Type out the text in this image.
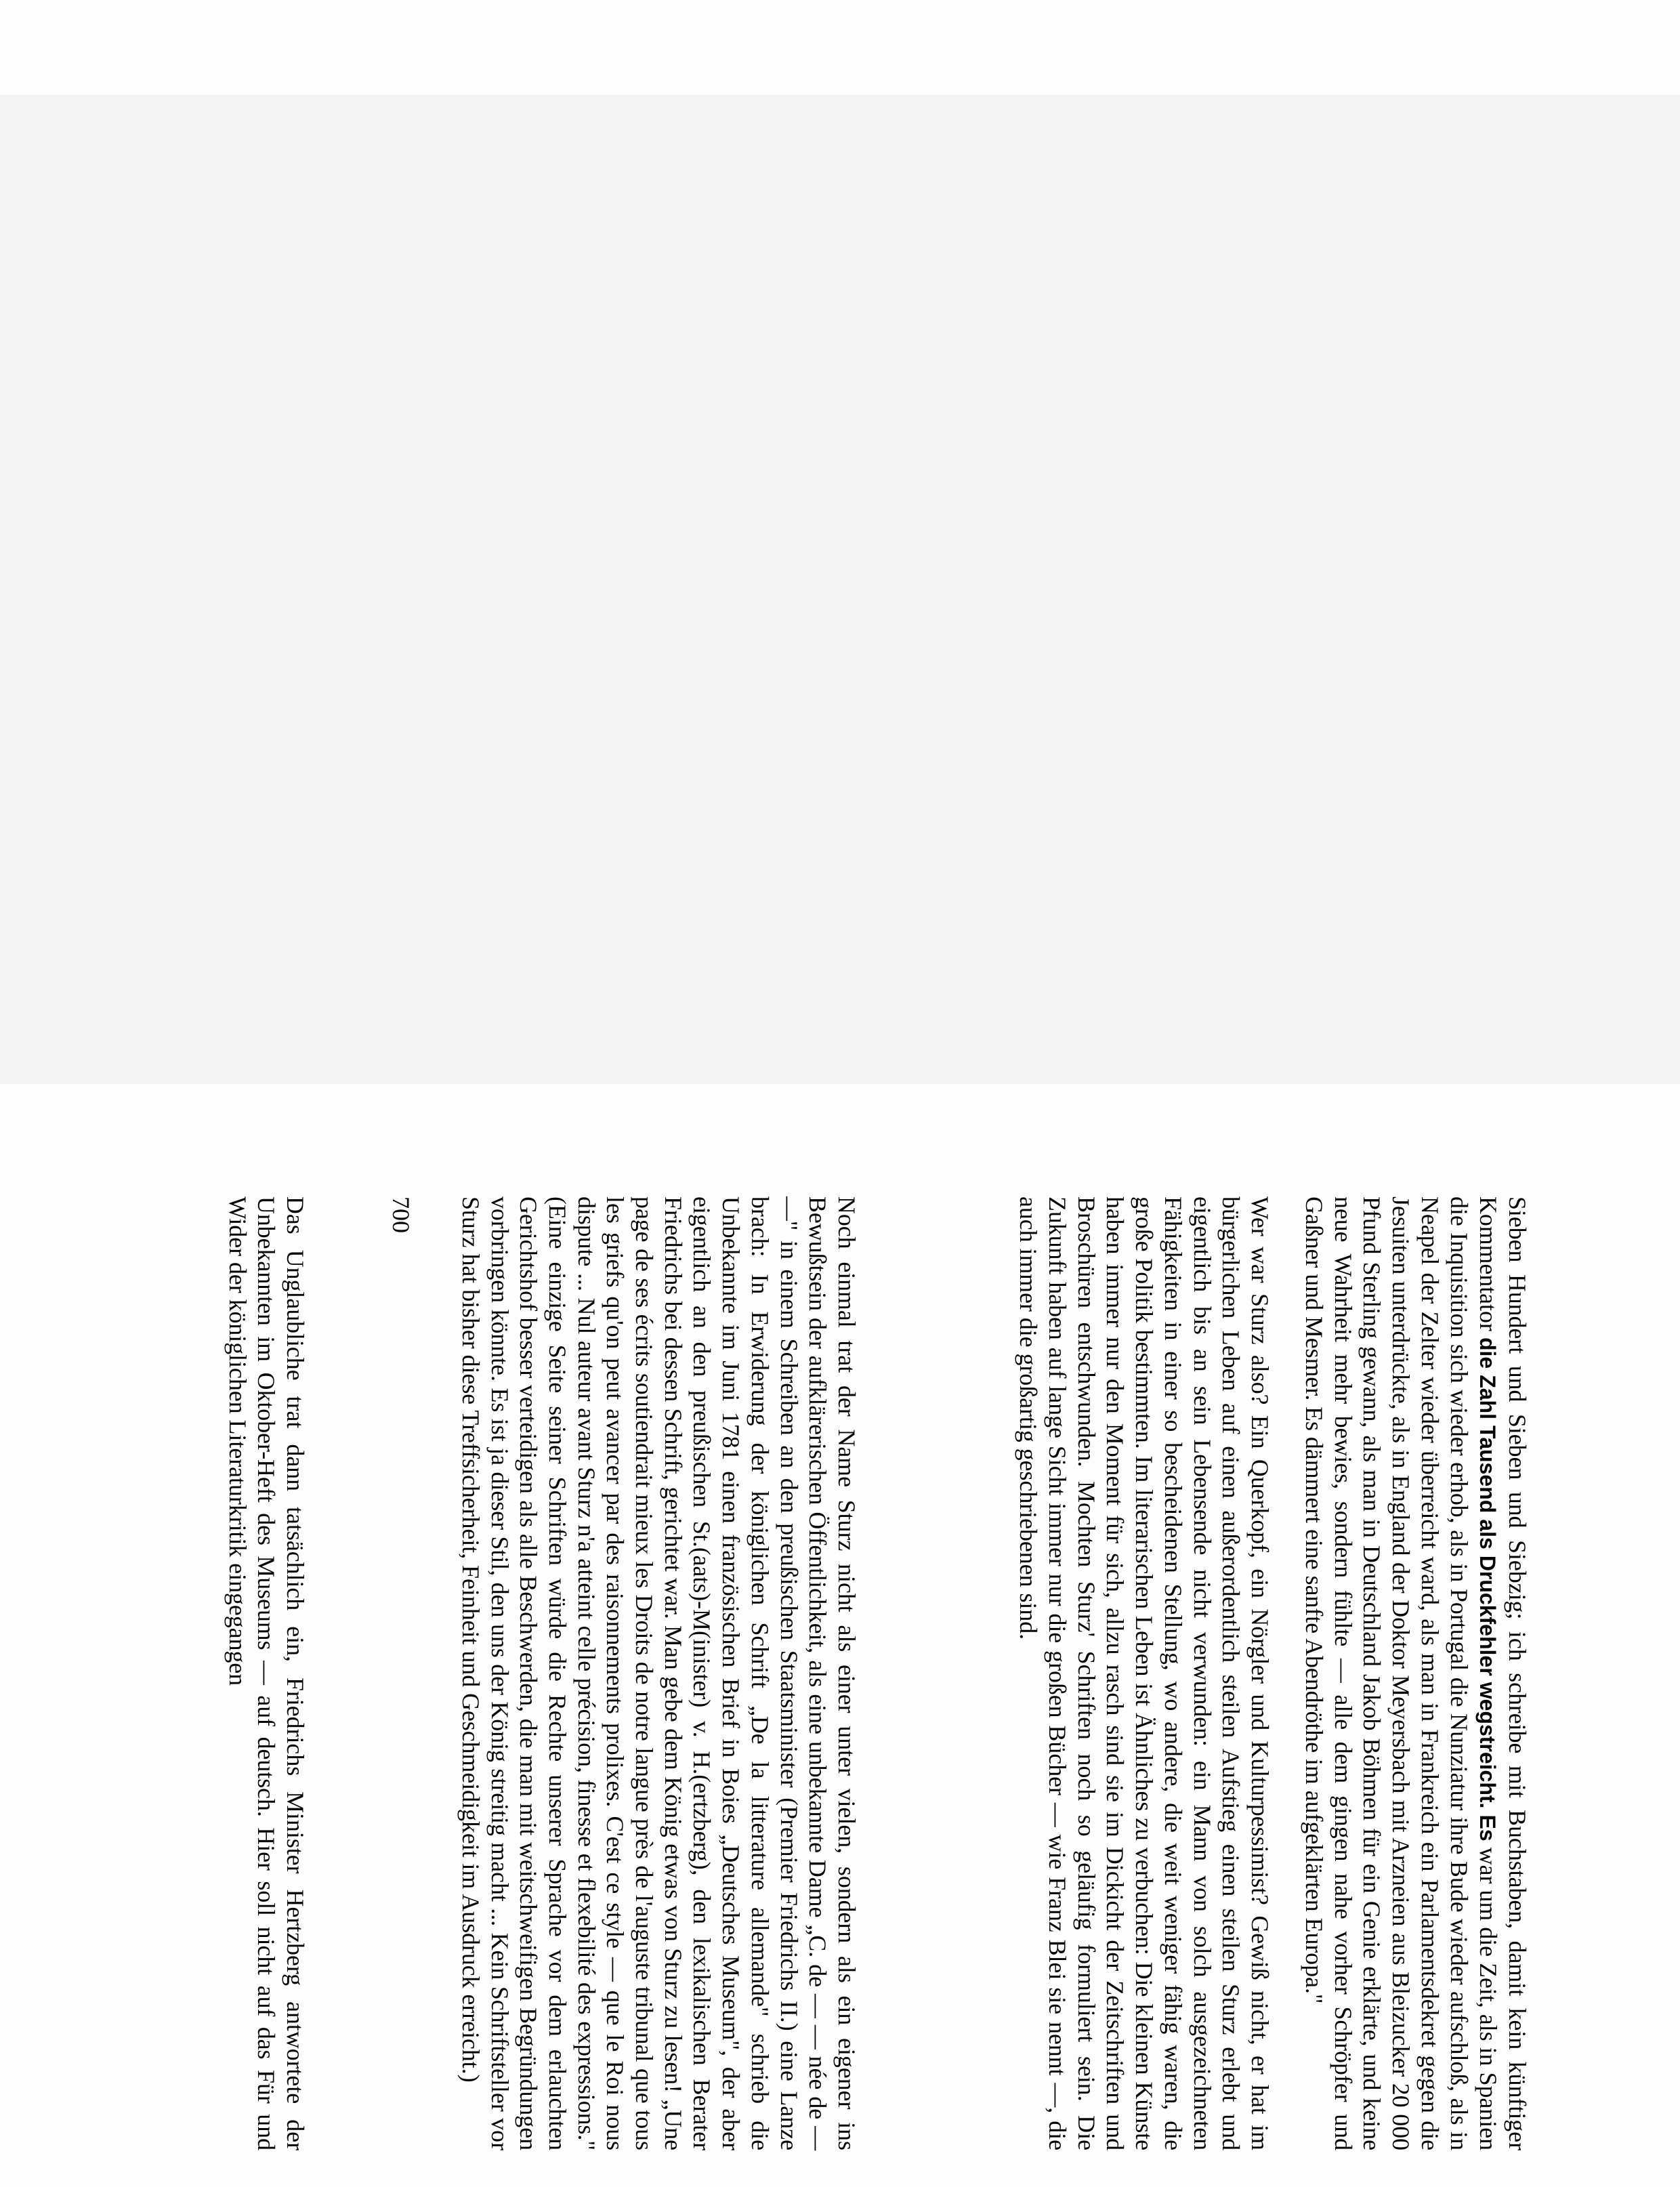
Sieben Hundert und Sieben und Siebzig; ich schreibe mit Buchstaben, damit kein künftiger Kommentator die Zahl Tausend als Druckfehler wegstreicht. Es war um die Zeit, als in Spanien die Inquisition sich wieder erhob, als in Portugal die Nunziatur ihre Bude wieder aufschloß, als in Neapel der Zelter wieder überreicht ward, als man in Frankreich ein Parlamentsdekret gegen die Jesuiten unterdrückte, als in England der Doktor Meyersbach mit Arzneien aus Bleizucker 20 000 Pfund Sterling gewann, als man in Deutschland Jakob Böhmen für ein Genie erklärte, und keine neue Wahrheit mehr bewies, sondern fühlte — alle dem gingen nahe vorher Schröpfer und Gaßner und Mesmer. Es dämmert eine sanfte Abendröthe im aufgeklärten Europa."

Wer war Sturz also? Ein Querkopf, ein Nörgler und Kulturpessimist? Gewiß nicht, er hat im bürgerlichen Leben auf einen außerordentlich steilen Aufstieg einen steilen Sturz erlebt und eigentlich bis an sein Lebensende nicht verwunden: ein Mann von solch ausgezeichneten Fähigkeiten in einer so bescheidenen Stellung, wo andere, die weit weniger fähig waren, die große Politik bestimmten. Im literarischen Leben ist Ähnliches zu verbuchen: Die kleinen Künste haben immer nur den Moment für sich, allzu rasch sind sie im Dickicht der Zeitschriften und Broschüren entschwunden. Mochten Sturz' Schriften noch so geläufig formuliert sein. Die Zukunft haben auf lange Sicht immer nur die großen Bücher — wie Franz Blei sie nennt —, die auch immer die großartig geschriebenen sind.

Noch einmal trat der Name Sturz nicht als einer unter vielen, sondern als ein eigener ins Bewußtsein der aufklärerischen Öffentlichkeit, als eine unbekannte Dame „C. de — — née de — —" in einem Schreiben an den preußischen Staatsminister (Premier Friedrichs II.) eine Lanze brach: In Erwiderung der königlichen Schrift „De la litterature allemande" schrieb die Unbekannte im Juni 1781 einen französischen Brief in Boies „Deutsches Museum", der aber eigentlich an den preußischen St.(aats)-M(inister) v. H.(ertzberg), den lexikalischen Berater Friedrichs bei dessen Schrift, gerichtet war. Man gebe dem König etwas von Sturz zu lesen! „Une page de ses écrits soutiendrait mieux les Droits de notre langue près de l'auguste tribunal que tous les griefs qu'on peut avancer par des raisonnements prolixes. C'est ce style — que le Roi nous dispute ... Nul auteur avant Sturz n'a atteint celle précision, finesse et flexebilité des expressions." (Eine einzige Seite seiner Schriften würde die Rechte unserer Sprache vor dem erlauchten Gerichtshof besser verteidigen als alle Beschwerden, die man mit weitschweifigen Begründungen vorbringen könnte. Es ist ja dieser Stil, den uns der König streitig macht ... Kein Schriftsteller vor Sturz hat bisher diese Treffsicherheit, Feinheit und Geschmeidigkeit im Ausdruck erreicht.)

700

Das Unglaubliche trat dann tatsächlich ein, Friedrichs Minister Hertzberg antwortete der Unbekannten im Oktober-Heft des Museums — auf deutsch. Hier soll nicht auf das Für und Wider der königlichen Literaturkritik eingegangen
